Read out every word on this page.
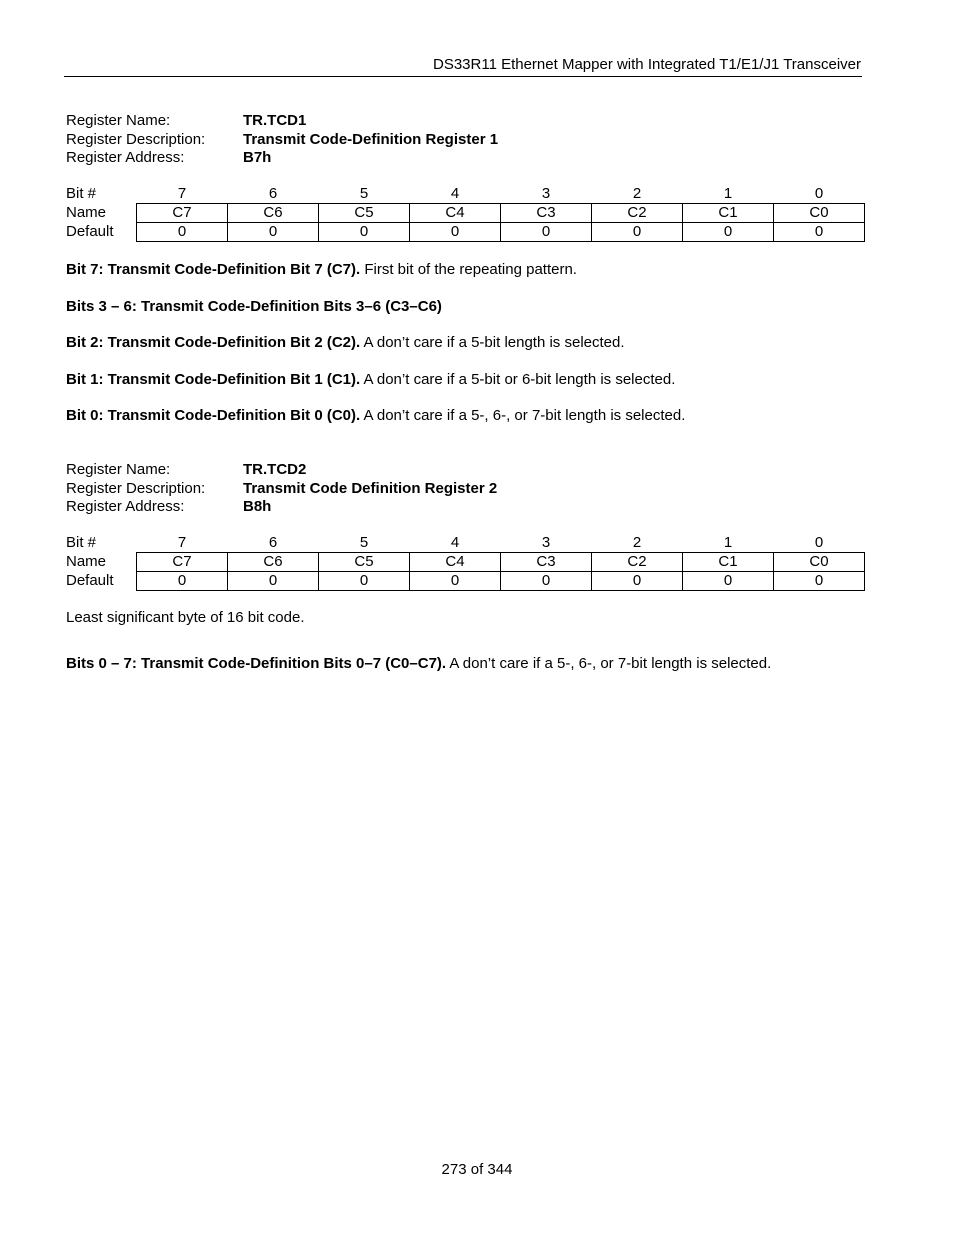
DS33R11 Ethernet Mapper with Integrated T1/E1/J1 Transceiver
Register Name:	TR.TCD1
Register Description:	Transmit Code-Definition Register 1
Register Address:	B7h
Bit #	7	6	5	4	3	2	1	0
Name	C7	C6	C5	C4	C3	C2	C1	C0
Default	0	0	0	0	0	0	0	0
Bit 7: Transmit Code-Definition Bit 7 (C7). First bit of the repeating pattern.
Bits 3 – 6: Transmit Code-Definition Bits 3–6 (C3–C6)
Bit 2: Transmit Code-Definition Bit 2 (C2). A don’t care if a 5-bit length is selected.
Bit 1: Transmit Code-Definition Bit 1 (C1). A don’t care if a 5-bit or 6-bit length is selected.
Bit 0: Transmit Code-Definition Bit 0 (C0). A don’t care if a 5-, 6-, or 7-bit length is selected.
Register Name:	TR.TCD2
Register Description:	Transmit Code Definition Register 2
Register Address:	B8h
Bit #	7	6	5	4	3	2	1	0
Name	C7	C6	C5	C4	C3	C2	C1	C0
Default	0	0	0	0	0	0	0	0
Least significant byte of 16 bit code.
Bits 0 – 7: Transmit Code-Definition Bits 0–7 (C0–C7). A don’t care if a 5-, 6-, or 7-bit length is selected.
273 of 344
